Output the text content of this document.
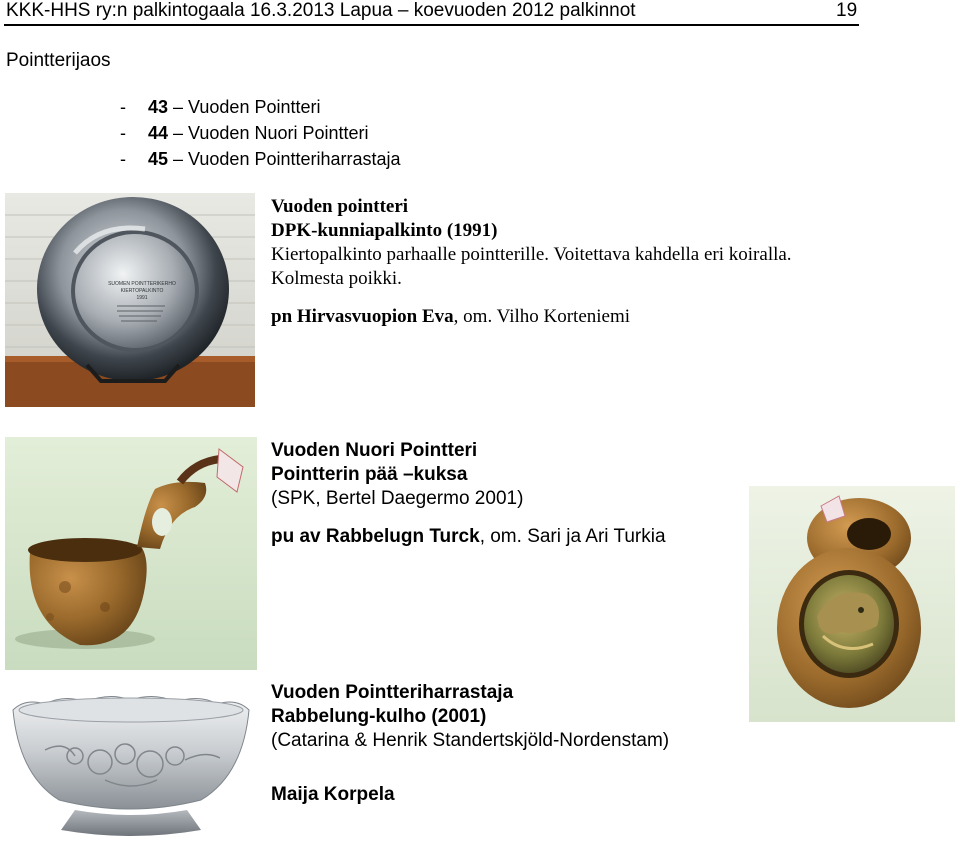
KKK-HHS ry:n palkintogaala 16.3.2013 Lapua – koevuoden 2012 palkinnot	19
Pointterijaos
- 43 – Vuoden Pointteri
- 44 – Vuoden Nuori Pointteri
- 45 – Vuoden Pointteriharrastaja
SUOMEN POINTTERIKERHO
KIERTOPALKINTO
1991
Vuoden pointteri
DPK-kunniapalkinto (1991)
Kiertopalkinto parhaalle pointterille. Voitettava kahdella eri koiralla.
Kolmesta poikki.
pn Hirvasvuopion Eva, om. Vilho Korteniemi
Vuoden Nuori Pointteri
Pointterin pää –kuksa
(SPK, Bertel Daegermo 2001)
pu av Rabbelugn Turck, om. Sari ja Ari Turkia
Vuoden Pointteriharrastaja
Rabbelung-kulho (2001)
(Catarina & Henrik Standertskjöld-Nordenstam)
Maija Korpela
